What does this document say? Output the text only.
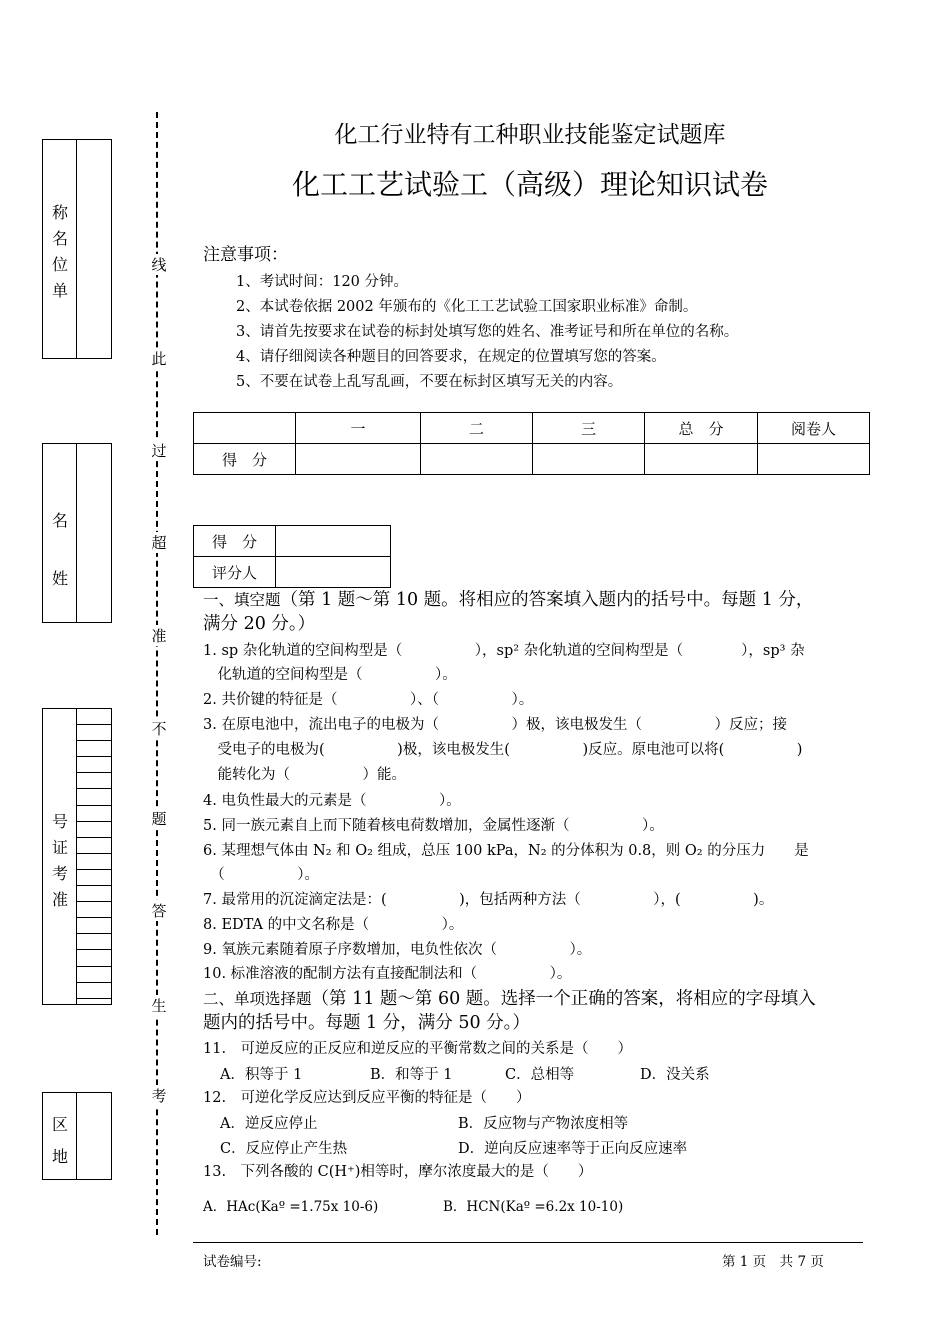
称
名
位
单
名
姓
号
证
考
准
区
地
线
此
过
超
准
不
题
答
生
考
化工行业特有工种职业技能鉴定试题库
化工工艺试验工（高级）理论知识试卷
注意事项：
1、考试时间：120 分钟。
2、本试卷依据 2002 年颁布的《化工工艺试验工国家职业标准》命制。
3、请首先按要求在试卷的标封处填写您的姓名、准考证号和所在单位的名称。
4、请仔细阅读各种题目的回答要求，在规定的位置填写您的答案。
5、不要在试卷上乱写乱画，不要在标封区填写无关的内容。
	一	二	三	总　分	阅卷人
得　分					
得　分	
评分人	
一、填空题（第 1 题～第 10 题。将相应的答案填入题内的括号中。每题 1 分，
满分 20 分。）
1. sp 杂化轨道的空间构型是（　　　　　），sp² 杂化轨道的空间构型是（　　　　），sp³ 杂
　化轨道的空间构型是（　　　　　）。
2. 共价键的特征是（　　　　　）、（　　　　　）。
3. 在原电池中，流出电子的电极为（　　　　　）极，该电极发生（　　　　　）反应；接
　受电子的电极为(　　　　　)极，该电极发生(　　　　　)反应。原电池可以将(　　　　　)
　能转化为（　　　　　）能。
4. 电负性最大的元素是（　　　　　）。
5. 同一族元素自上而下随着核电荷数增加，金属性逐渐（　　　　　）。
6. 某理想气体由 N₂ 和 O₂ 组成，总压 100 kPa，N₂ 的分体积为 0.8，则 O₂ 的分压力　　是
　（　　　　　）。
7. 最常用的沉淀滴定法是：(　　　　　)，包括两种方法（　　　　　），(　　　　　)。
8. EDTA 的中文名称是（　　　　　）。
9. 氧族元素随着原子序数增加，电负性依次（　　　　　）。
10. 标准溶液的配制方法有直接配制法和（　　　　　）。
二、单项选择题（第 11 题～第 60 题。选择一个正确的答案，将相应的字母填入
题内的括号中。每题 1 分，满分 50 分。）
11.　可逆反应的正反应和逆反应的平衡常数之间的关系是（　　）
A．积等于 1	B．和等于 1	C．总相等	D．没关系
12.　可逆化学反应达到反应平衡的特征是（　　）
A．逆反应停止	B．反应物与产物浓度相等
C．反应停止产生热	D．逆向反应速率等于正向反应速率
13.　下列各酸的 C(H⁺)相等时，摩尔浓度最大的是（　　）
A．HAc(Kaº =1.75x 10-6)	B．HCN(Kaº =6.2x 10-10)
试卷编号:	第 1 页　共 7 页
